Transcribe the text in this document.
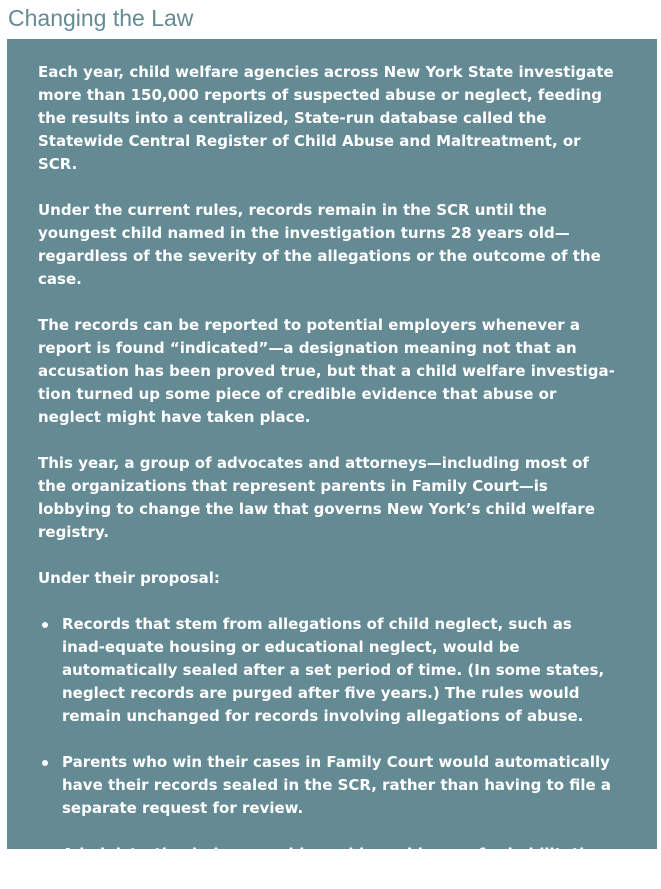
Changing the Law

Each year, child welfare agencies across New York State investigate more than 150,000 reports of suspected abuse or neglect, feeding the results into a centralized, State-run database called the Statewide Central Register of Child Abuse and Maltreatment, or SCR.

Under the current rules, records remain in the SCR until the youngest child named in the investigation turns 28 years old—regardless of the severity of the allegations or the outcome of the case.

The records can be reported to potential employers whenever a report is found “indicated”—a designation meaning not that an accusation has been proved true, but that a child welfare investiga-tion turned up some piece of credible evidence that abuse or neglect might have taken place.

This year, a group of advocates and attorneys—including most of the organizations that represent parents in Family Court—is lobbying to change the law that governs New York’s child welfare registry.

Under their proposal:

Records that stem from allegations of child neglect, such as inad-equate housing or educational neglect, would be automatically sealed after a set period of time. (In some states, neglect records are purged after five years.) The rules would remain unchanged for records involving allegations of abuse.
Parents who win their cases in Family Court would automatically have their records sealed in the SCR, rather than having to file a separate request for review.
Administrative judges would consider evidence of rehabilitation in any review of SCR records.
